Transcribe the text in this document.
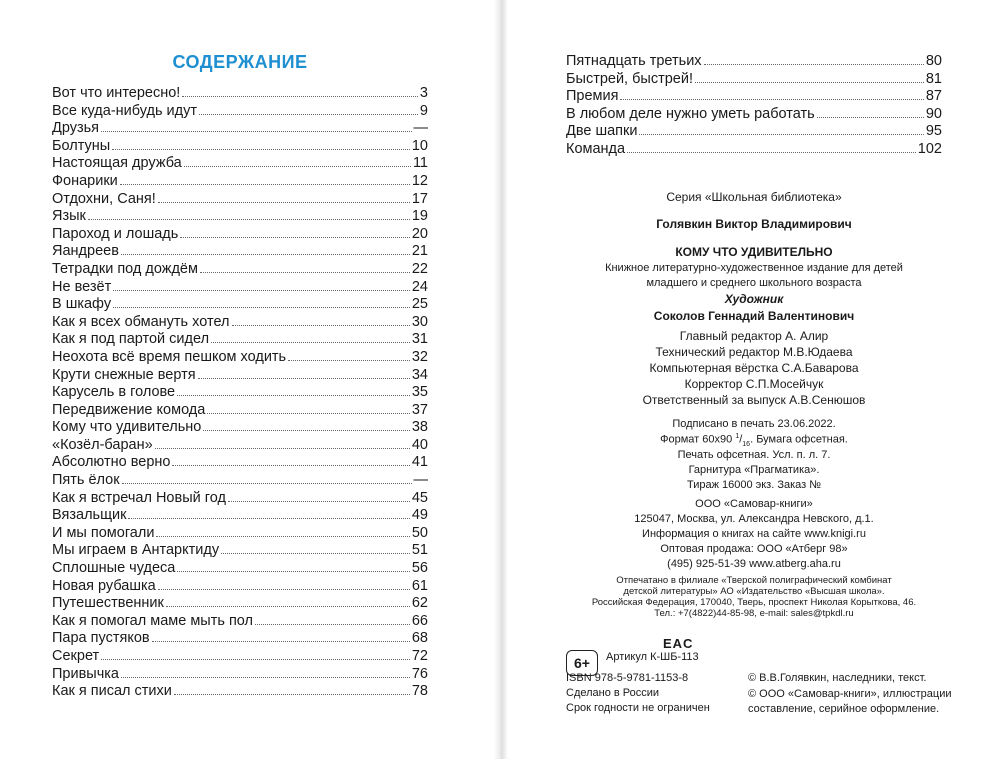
СОДЕРЖАНИЕ
Вот что интересно!	3
Все куда-нибудь идут	9
Друзья	—
Болтуны	10
Настоящая дружба	11
Фонарики	12
Отдохни, Саня!	17
Язык	19
Пароход и лошадь	20
Яандреев	21
Тетрадки под дождём	22
Не везёт	24
В шкафу	25
Как я всех обмануть хотел	30
Как я под партой сидел	31
Неохота всё время пешком ходить	32
Крути снежные вертя	34
Карусель в голове	35
Передвижение комода	37
Кому что удивительно	38
«Козёл-баран»	40
Абсолютно верно	41
Пять ёлок	—
Как я встречал Новый год	45
Вязальщик	49
И мы помогали	50
Мы играем в Антарктиду	51
Сплошные чудеса	56
Новая рубашка	61
Путешественник	62
Как я помогал маме мыть пол	66
Пара пустяков	68
Секрет	72
Привычка	76
Как я писал стихи	78
Пятнадцать третьих	80
Быстрей, быстрей!	81
Премия	87
В любом деле нужно уметь работать	90
Две шапки	95
Команда	102
Серия «Школьная библиотека»
Голявкин Виктор Владимирович
КОМУ ЧТО УДИВИТЕЛЬНО
Книжное литературно-художественное издание для детей
младшего и среднего школьного возраста
Художник
Соколов Геннадий Валентинович
Главный редактор А. Алир
Технический редактор М.В.Юдаева
Компьютерная вёрстка С.А.Баварова
Корректор С.П.Мосейчук
Ответственный за выпуск А.В.Сенюшов
Подписано в печать 23.06.2022.
Формат 60х90 $^1/_{16}$. Бумага офсетная.
Печать офсетная. Усл. п. л. 7.
Гарнитура «Прагматика».
Тираж 16000 экз. Заказ №
ООО «Самовар-книги»
125047, Москва, ул. Александра Невского, д.1.
Информация о книгах на сайте www.knigi.ru
Оптовая продажа: ООО «Атберг 98»
(495) 925-51-39 www.atberg.aha.ru
Отпечатано в филиале «Тверской полиграфический комбинат
детской литературы» АО «Издательство «Высшая школа».
Российская Федерация, 170040, Тверь, проспект Николая Корыткова, 46.
Тел.: +7(4822)44-85-98, e-mail: sales@tpkdl.ru
6+
EAC
Артикул К-ШБ-113
ISBN 978-5-9781-1153-8
Сделано в России
Срок годности не ограничен
© В.В.Голявкин, наследники, текст.
© ООО «Самовар-книги», иллюстрации
составление, серийное оформление.
